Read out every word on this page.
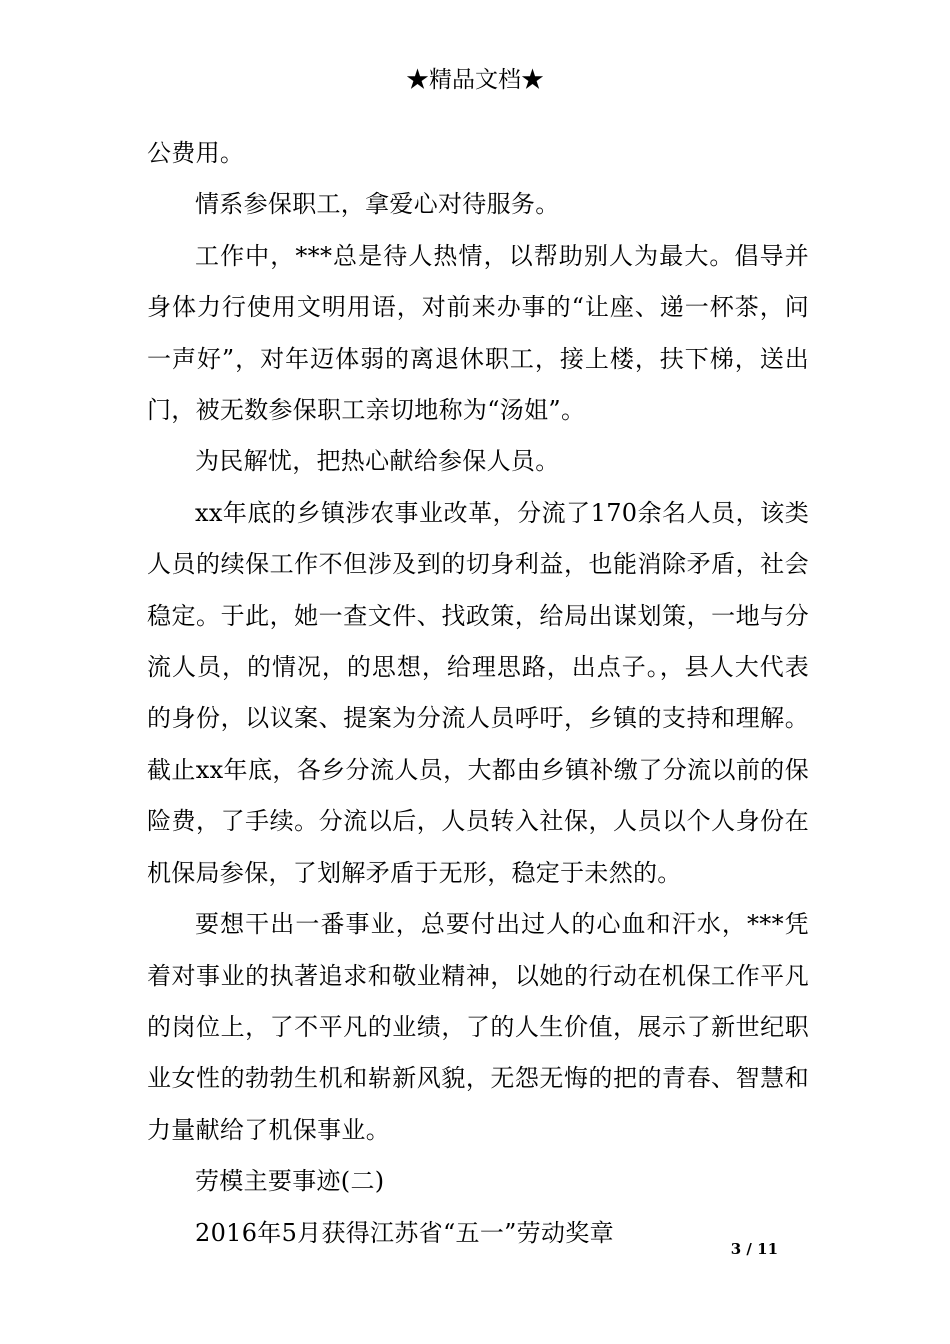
★精品文档★

公费用。

情系参保职工，拿爱心对待服务。

工作中，***总是待人热情，以帮助别人为最大。倡导并身体力行使用文明用语，对前来办事的“让座、递一杯茶，问一声好”，对年迈体弱的离退休职工，接上楼，扶下梯，送出门，被无数参保职工亲切地称为“汤姐”。

为民解忧，把热心献给参保人员。

xx年底的乡镇涉农事业改革，分流了170余名人员，该类人员的续保工作不但涉及到的切身利益，也能消除矛盾，社会稳定。于此，她一查文件、找政策，给局出谋划策，一地与分流人员，的情况，的思想，给理思路，出点子。，县人大代表的身份，以议案、提案为分流人员呼吁，乡镇的支持和理解。截止xx年底，各乡分流人员，大都由乡镇补缴了分流以前的保险费，了手续。分流以后，人员转入社保，人员以个人身份在机保局参保，了划解矛盾于无形，稳定于未然的。

要想干出一番事业，总要付出过人的心血和汗水，***凭着对事业的执著追求和敬业精神，以她的行动在机保工作平凡的岗位上，了不平凡的业绩，了的人生价值，展示了新世纪职业女性的勃勃生机和崭新风貌，无怨无悔的把的青春、智慧和力量献给了机保事业。

劳模主要事迹(二)

2016年5月获得江苏省“五一”劳动奖章

3 / 11
